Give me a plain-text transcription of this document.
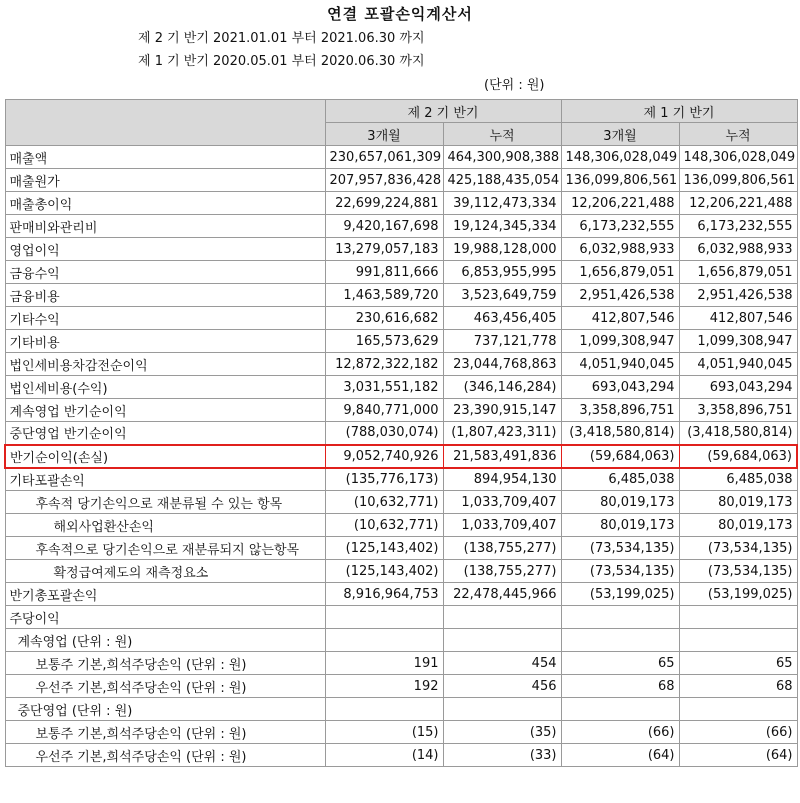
연결 포괄손익계산서
제 2 기 반기 2021.01.01 부터 2021.06.30 까지
제 1 기 반기 2020.05.01 부터 2020.06.30 까지
(단위 : 원)
	제 2 기 반기		제 1 기 반기	
	3개월	누적	3개월	누적
매출액	230,657,061,309	464,300,908,388	148,306,028,049	148,306,028,049
매출원가	207,957,836,428	425,188,435,054	136,099,806,561	136,099,806,561
매출총이익	22,699,224,881	39,112,473,334	12,206,221,488	12,206,221,488
판매비와관리비	9,420,167,698	19,124,345,334	6,173,232,555	6,173,232,555
영업이익	13,279,057,183	19,988,128,000	6,032,988,933	6,032,988,933
금융수익	991,811,666	6,853,955,995	1,656,879,051	1,656,879,051
금융비용	1,463,589,720	3,523,649,759	2,951,426,538	2,951,426,538
기타수익	230,616,682	463,456,405	412,807,546	412,807,546
기타비용	165,573,629	737,121,778	1,099,308,947	1,099,308,947
법인세비용차감전순이익	12,872,322,182	23,044,768,863	4,051,940,045	4,051,940,045
법인세비용(수익)	3,031,551,182	(346,146,284)	693,043,294	693,043,294
계속영업 반기순이익	9,840,771,000	23,390,915,147	3,358,896,751	3,358,896,751
중단영업 반기순이익	(788,030,074)	(1,807,423,311)	(3,418,580,814)	(3,418,580,814)
반기순이익(손실)	9,052,740,926	21,583,491,836	(59,684,063)	(59,684,063)
기타포괄손익	(135,776,173)	894,954,130	6,485,038	6,485,038
후속적 당기손익으로 재분류될 수 있는 항목	(10,632,771)	1,033,709,407	80,019,173	80,019,173
해외사업환산손익	(10,632,771)	1,033,709,407	80,019,173	80,019,173
후속적으로 당기손익으로 재분류되지 않는항목	(125,143,402)	(138,755,277)	(73,534,135)	(73,534,135)
확정급여제도의 재측정요소	(125,143,402)	(138,755,277)	(73,534,135)	(73,534,135)
반기총포괄손익	8,916,964,753	22,478,445,966	(53,199,025)	(53,199,025)
주당이익				
계속영업 (단위 : 원)				
보통주 기본,희석주당손익 (단위 : 원)	191	454	65	65
우선주 기본,희석주당손익 (단위 : 원)	192	456	68	68
중단영업 (단위 : 원)				
보통주 기본,희석주당손익 (단위 : 원)	(15)	(35)	(66)	(66)
우선주 기본,희석주당손익 (단위 : 원)	(14)	(33)	(64)	(64)
